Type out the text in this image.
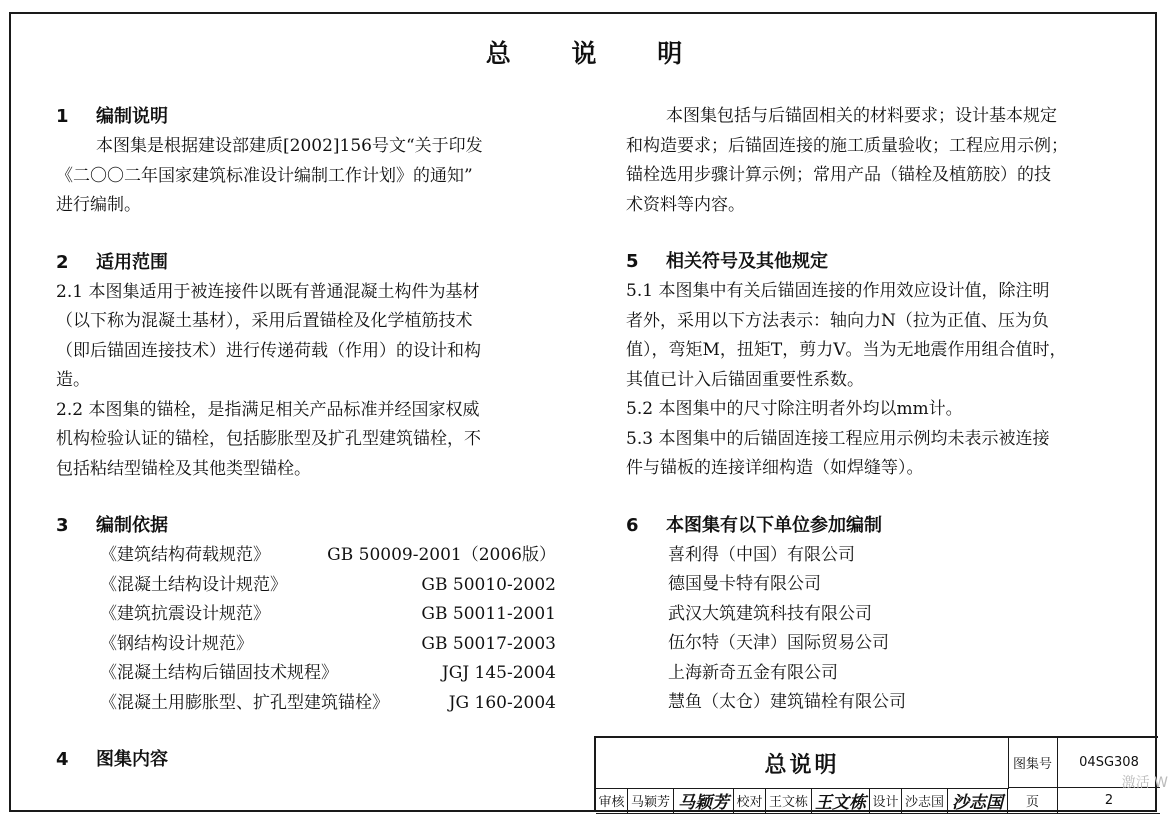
总 说 明
1 编制说明
本图集是根据建设部建质[2002]156号文“关于印发
《二〇〇二年国家建筑标准设计编制工作计划》的通知”
进行编制。
2 适用范围
2.1 本图集适用于被连接件以既有普通混凝土构件为基材
（以下称为混凝土基材），采用后置锚栓及化学植筋技术
（即后锚固连接技术）进行传递荷载（作用）的设计和构
造。
2.2 本图集的锚栓，是指满足相关产品标准并经国家权威
机构检验认证的锚栓，包括膨胀型及扩孔型建筑锚栓，不
包括粘结型锚栓及其他类型锚栓。
3 编制依据
《建筑结构荷载规范》	GB 50009-2001（2006版）
《混凝土结构设计规范》	GB 50010-2002
《建筑抗震设计规范》	GB 50011-2001
《钢结构设计规范》	GB 50017-2003
《混凝土结构后锚固技术规程》	JGJ 145-2004
《混凝土用膨胀型、扩孔型建筑锚栓》	JG 160-2004
4 图集内容
本图集包括与后锚固相关的材料要求；设计基本规定
和构造要求；后锚固连接的施工质量验收；工程应用示例；
锚栓选用步骤计算示例；常用产品（锚栓及植筋胶）的技
术资料等内容。
5 相关符号及其他规定
5.1 本图集中有关后锚固连接的作用效应设计值，除注明
者外，采用以下方法表示：轴向力N（拉为正值、压为负
值），弯矩M，扭矩T，剪力V。当为无地震作用组合值时，
其值已计入后锚固重要性系数。
5.2 本图集中的尺寸除注明者外均以mm计。
5.3 本图集中的后锚固连接工程应用示例均未表示被连接
件与锚板的连接详细构造（如焊缝等）。
6 本图集有以下单位参加编制
喜利得（中国）有限公司
德国曼卡特有限公司
武汉大筑建筑科技有限公司
伍尔特（天津）国际贸易公司
上海新奇五金有限公司
慧鱼（太仓）建筑锚栓有限公司
总说明	图集号	04SG308
审核 马颖芳 马颖芳 校对 王文栋 王文栋 设计 沙志国 沙志国	页	2
激活 W
